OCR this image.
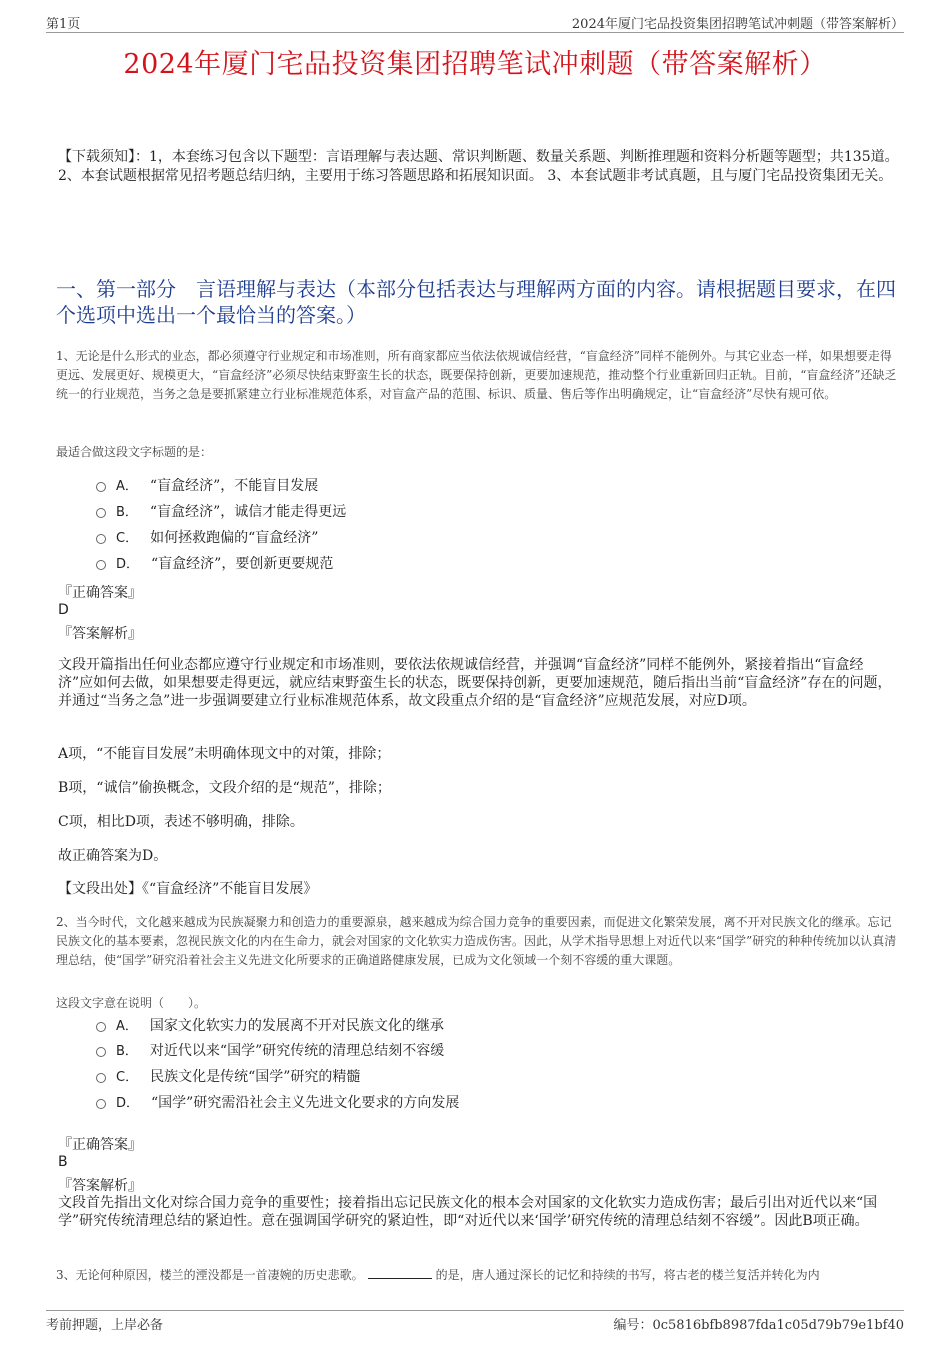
第1页	2024年厦门宅品投资集团招聘笔试冲刺题（带答案解析）
2024年厦门宅品投资集团招聘笔试冲刺题（带答案解析）
【下载须知】：1，本套练习包含以下题型：言语理解与表达题、常识判断题、数量关系题、判断推理题和资料分析题等题型；共135道。 2、本套试题根据常见招考题总结归纳，主要用于练习答题思路和拓展知识面。 3、本套试题非考试真题，且与厦门宅品投资集团无关。
一、第一部分　言语理解与表达（本部分包括表达与理解两方面的内容。请根据题目要求，在四个选项中选出一个最恰当的答案。）
1、无论是什么形式的业态，都必须遵守行业规定和市场准则，所有商家都应当依法依规诚信经营，“盲盒经济”同样不能例外。与其它业态一样，如果想要走得更远、发展更好、规模更大，“盲盒经济”必须尽快结束野蛮生长的状态，既要保持创新，更要加速规范，推动整个行业重新回归正轨。目前，“盲盒经济”还缺乏统一的行业规范，当务之急是要抓紧建立行业标准规范体系，对盲盒产品的范围、标识、质量、售后等作出明确规定，让“盲盒经济”尽快有规可依。
最适合做这段文字标题的是：
A． “盲盒经济”，不能盲目发展
B． “盲盒经济”，诚信才能走得更远
C． 如何拯救跑偏的“盲盒经济”
D． “盲盒经济”，要创新更要规范
『正确答案』
D
『答案解析』
文段开篇指出任何业态都应遵守行业规定和市场准则，要依法依规诚信经营，并强调“盲盒经济”同样不能例外，紧接着指出“盲盒经济”应如何去做，如果想要走得更远，就应结束野蛮生长的状态，既要保持创新，更要加速规范，随后指出当前“盲盒经济”存在的问题，并通过“当务之急”进一步强调要建立行业标准规范体系，故文段重点介绍的是“盲盒经济”应规范发展，对应D项。
A项，“不能盲目发展”未明确体现文中的对策，排除；
B项，“诚信”偷换概念，文段介绍的是“规范”，排除；
C项，相比D项，表述不够明确，排除。
故正确答案为D。
【文段出处】《“盲盒经济”不能盲目发展》
2、当今时代，文化越来越成为民族凝聚力和创造力的重要源泉，越来越成为综合国力竞争的重要因素，而促进文化繁荣发展，离不开对民族文化的继承。忘记民族文化的基本要素，忽视民族文化的内在生命力，就会对国家的文化软实力造成伤害。因此，从学术指导思想上对近代以来“国学”研究的种种传统加以认真清理总结，使“国学”研究沿着社会主义先进文化所要求的正确道路健康发展，已成为文化领域一个刻不容缓的重大课题。
这段文字意在说明（　　）。
A． 国家文化软实力的发展离不开对民族文化的继承
B． 对近代以来“国学”研究传统的清理总结刻不容缓
C． 民族文化是传统“国学”研究的精髓
D． “国学”研究需沿社会主义先进文化要求的方向发展
『正确答案』
B
『答案解析』
文段首先指出文化对综合国力竞争的重要性；接着指出忘记民族文化的根本会对国家的文化软实力造成伤害；最后引出对近代以来“国学”研究传统清理总结的紧迫性。意在强调国学研究的紧迫性，即“对近代以来‘国学’研究传统的清理总结刻不容缓”。因此B项正确。
3、无论何种原因，楼兰的湮没都是一首凄婉的历史悲歌。	的是，唐人通过深长的记忆和持续的书写，将古老的楼兰复活并转化为内
考前押题，上岸必备	编号：0c5816bfb8987fda1c05d79b79e1bf40
